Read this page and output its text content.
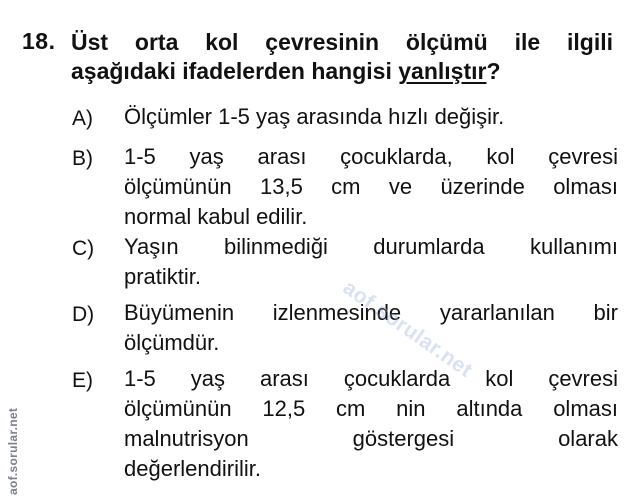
18. Üst orta kol çevresinin ölçümü ile ilgili
aşağıdaki ifadelerden hangisi yanlıştır?
A) Ölçümler 1-5 yaş arasında hızlı değişir.
B) 1-5 yaş arası çocuklarda, kol çevresi
ölçümünün 13,5 cm ve üzerinde olması
normal kabul edilir.
C) Yaşın bilinmediği durumlarda kullanımı
pratiktir.
D) Büyümenin izlenmesinde yararlanılan bir
ölçümdür.
E) 1-5 yaş arası çocuklarda kol çevresi
ölçümünün 12,5 cm nin altında olması
malnutrisyon göstergesi olarak
değerlendirilir.
aof.sorular.net
aof.sorular.net
